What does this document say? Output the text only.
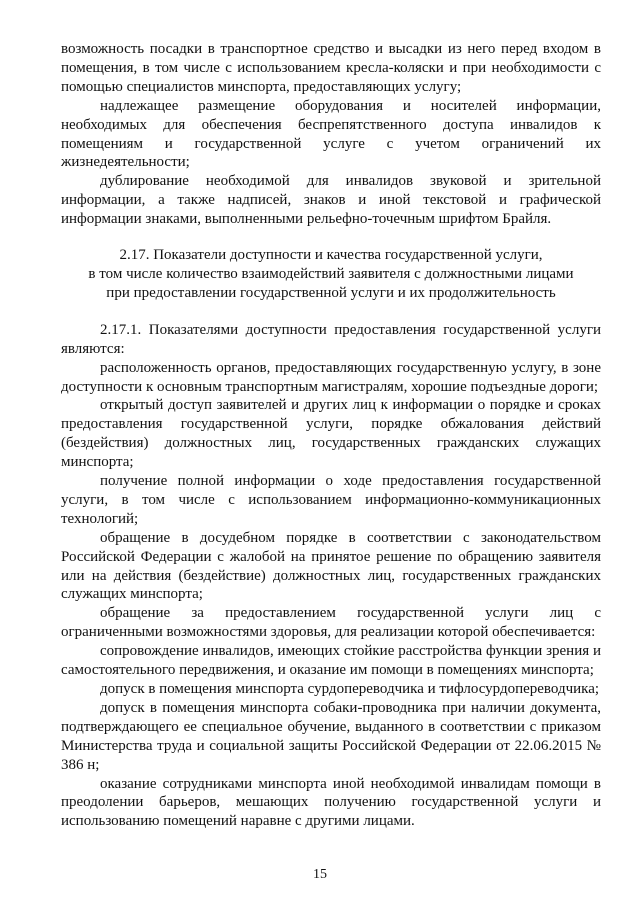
возможность посадки в транспортное средство и высадки из него перед входом в помещения, в том числе с использованием кресла-коляски и при необходимости с помощью специалистов минспорта, предоставляющих услугу;

надлежащее размещение оборудования и носителей информации, необходимых для обеспечения беспрепятственного доступа инвалидов к помещениям и государственной услуге с учетом ограничений их жизнедеятельности;

дублирование необходимой для инвалидов звуковой и зрительной информации, а также надписей, знаков и иной текстовой и графической информации знаками, выполненными рельефно-точечным шрифтом Брайля.

2.17. Показатели доступности и качества государственной услуги,

в том числе количество взаимодействий заявителя с должностными лицами

при предоставлении государственной услуги и их продолжительность

2.17.1. Показателями доступности предоставления государственной услуги являются:

расположенность органов, предоставляющих государственную услугу, в зоне доступности к основным транспортным магистралям, хорошие подъездные дороги;

открытый доступ заявителей и других лиц к информации о порядке и сроках предоставления государственной услуги, порядке обжалования действий (бездействия) должностных лиц, государственных гражданских служащих минспорта;

получение полной информации о ходе предоставления государственной услуги, в том числе с использованием информационно-коммуникационных технологий;

обращение в досудебном порядке в соответствии с законодательством Российской Федерации с жалобой на принятое решение по обращению заявителя или на действия (бездействие) должностных лиц, государственных гражданских служащих минспорта;

обращение за предоставлением государственной услуги лиц с ограниченными возможностями здоровья, для реализации которой обеспечивается:

сопровождение инвалидов, имеющих стойкие расстройства функции зрения и самостоятельного передвижения, и оказание им помощи в помещениях минспорта;

допуск в помещения минспорта сурдопереводчика и тифлосурдопереводчика;

допуск в помещения минспорта собаки-проводника при наличии документа, подтверждающего ее специальное обучение, выданного в соответствии с приказом Министерства труда и социальной защиты Российской Федерации от 22.06.2015 № 386 н;

оказание сотрудниками минспорта иной необходимой инвалидам помощи в преодолении барьеров, мешающих получению государственной услуги и использованию помещений наравне с другими лицами.

15
